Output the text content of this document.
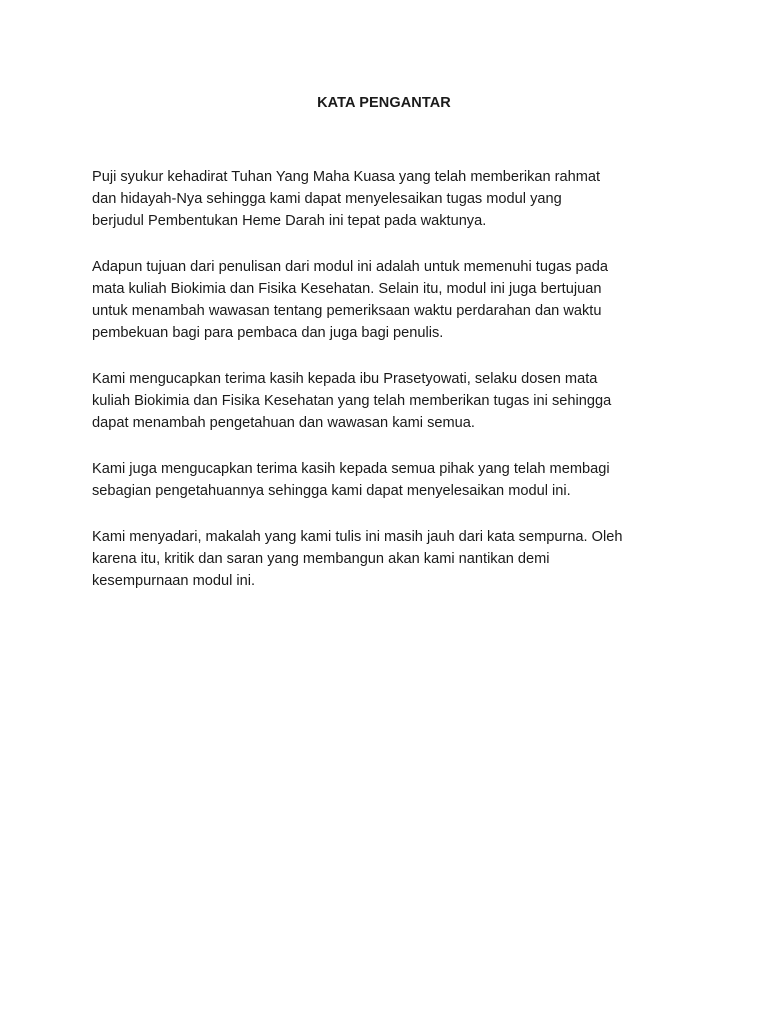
KATA PENGANTAR

Puji syukur kehadirat Tuhan Yang Maha Kuasa yang telah memberikan rahmat
dan hidayah-Nya sehingga kami dapat menyelesaikan tugas modul yang
berjudul Pembentukan Heme Darah ini tepat pada waktunya.

Adapun tujuan dari penulisan dari modul ini adalah untuk memenuhi tugas pada
mata kuliah Biokimia dan Fisika Kesehatan. Selain itu, modul ini juga bertujuan
untuk menambah wawasan tentang pemeriksaan waktu perdarahan dan waktu
pembekuan bagi para pembaca dan juga bagi penulis.

Kami mengucapkan terima kasih kepada ibu Prasetyowati, selaku dosen mata
kuliah Biokimia dan Fisika Kesehatan yang telah memberikan tugas ini sehingga
dapat menambah pengetahuan dan wawasan kami semua.

Kami juga mengucapkan terima kasih kepada semua pihak yang telah membagi
sebagian pengetahuannya sehingga kami dapat menyelesaikan modul ini.

Kami menyadari, makalah yang kami tulis ini masih jauh dari kata sempurna. Oleh
karena itu, kritik dan saran yang membangun akan kami nantikan demi
kesempurnaan modul ini.
